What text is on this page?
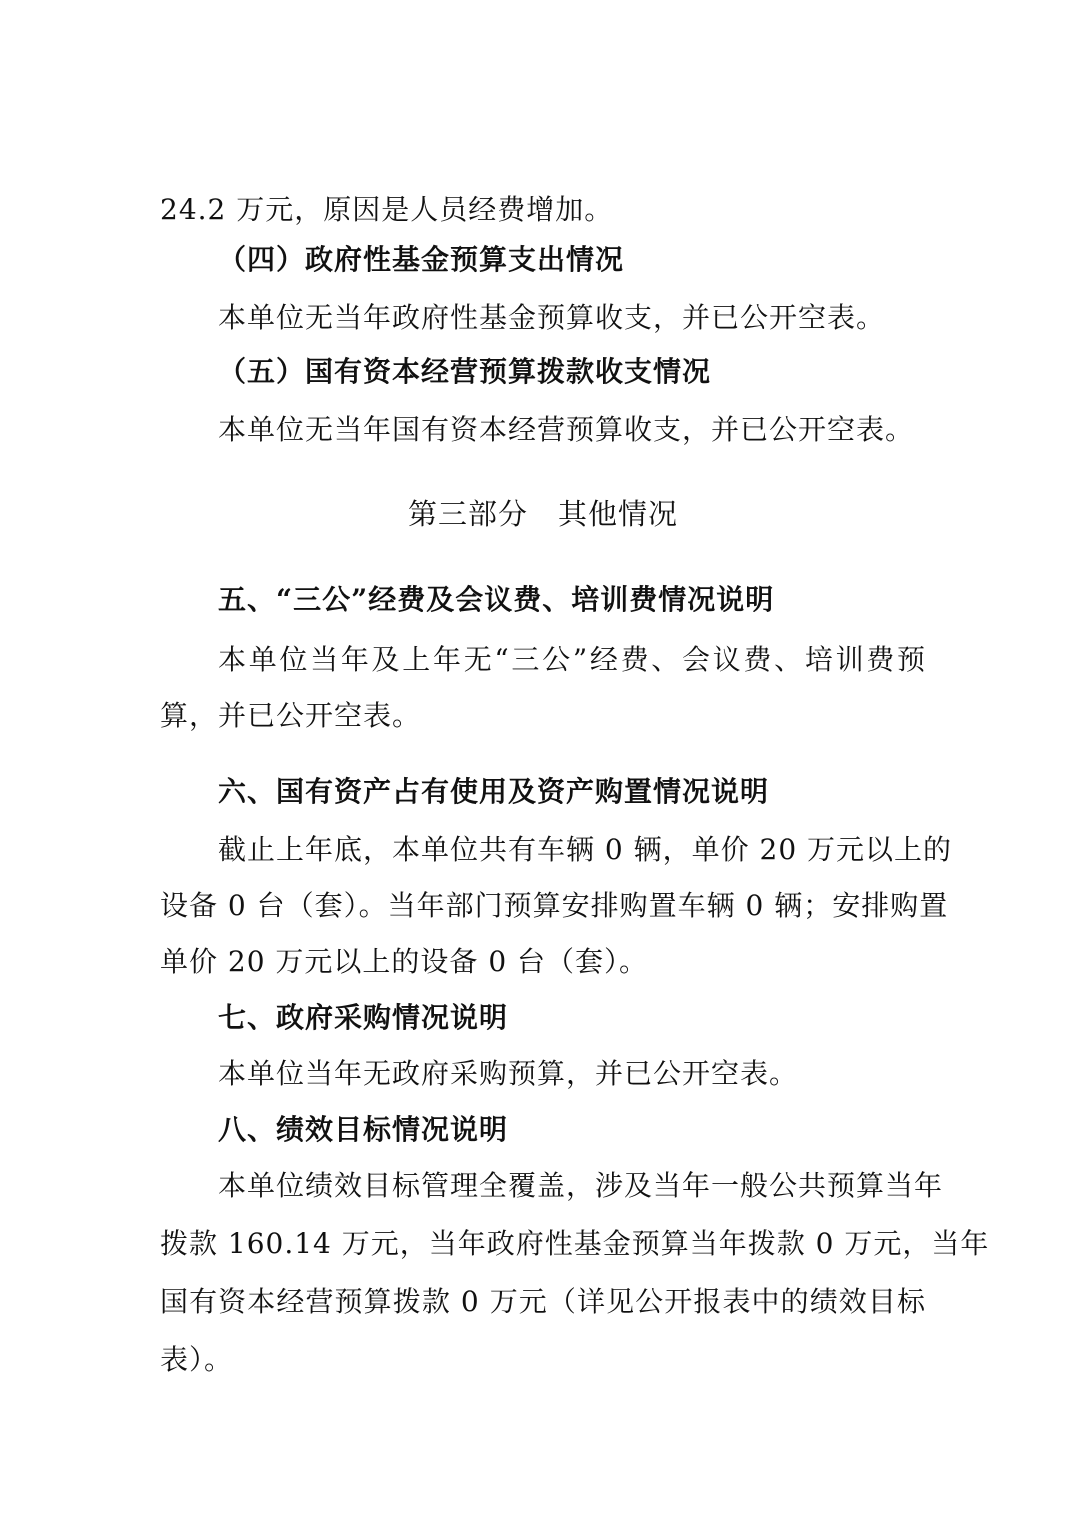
24.2 万元，原因是人员经费增加。
（四）政府性基金预算支出情况
本单位无当年政府性基金预算收支，并已公开空表。
（五）国有资本经营预算拨款收支情况
本单位无当年国有资本经营预算收支，并已公开空表。
第三部分　其他情况
五、“三公”经费及会议费、培训费情况说明
本单位当年及上年无“三公”经费、会议费、培训费预
算，并已公开空表。
六、国有资产占有使用及资产购置情况说明
截止上年底，本单位共有车辆 0 辆，单价 20 万元以上的
设备 0 台（套）。当年部门预算安排购置车辆 0 辆；安排购置
单价 20 万元以上的设备 0 台（套）。
七、政府采购情况说明
本单位当年无政府采购预算，并已公开空表。
八、绩效目标情况说明
本单位绩效目标管理全覆盖，涉及当年一般公共预算当年
拨款 160.14 万元，当年政府性基金预算当年拨款 0 万元，当年
国有资本经营预算拨款 0 万元（详见公开报表中的绩效目标
表）。
